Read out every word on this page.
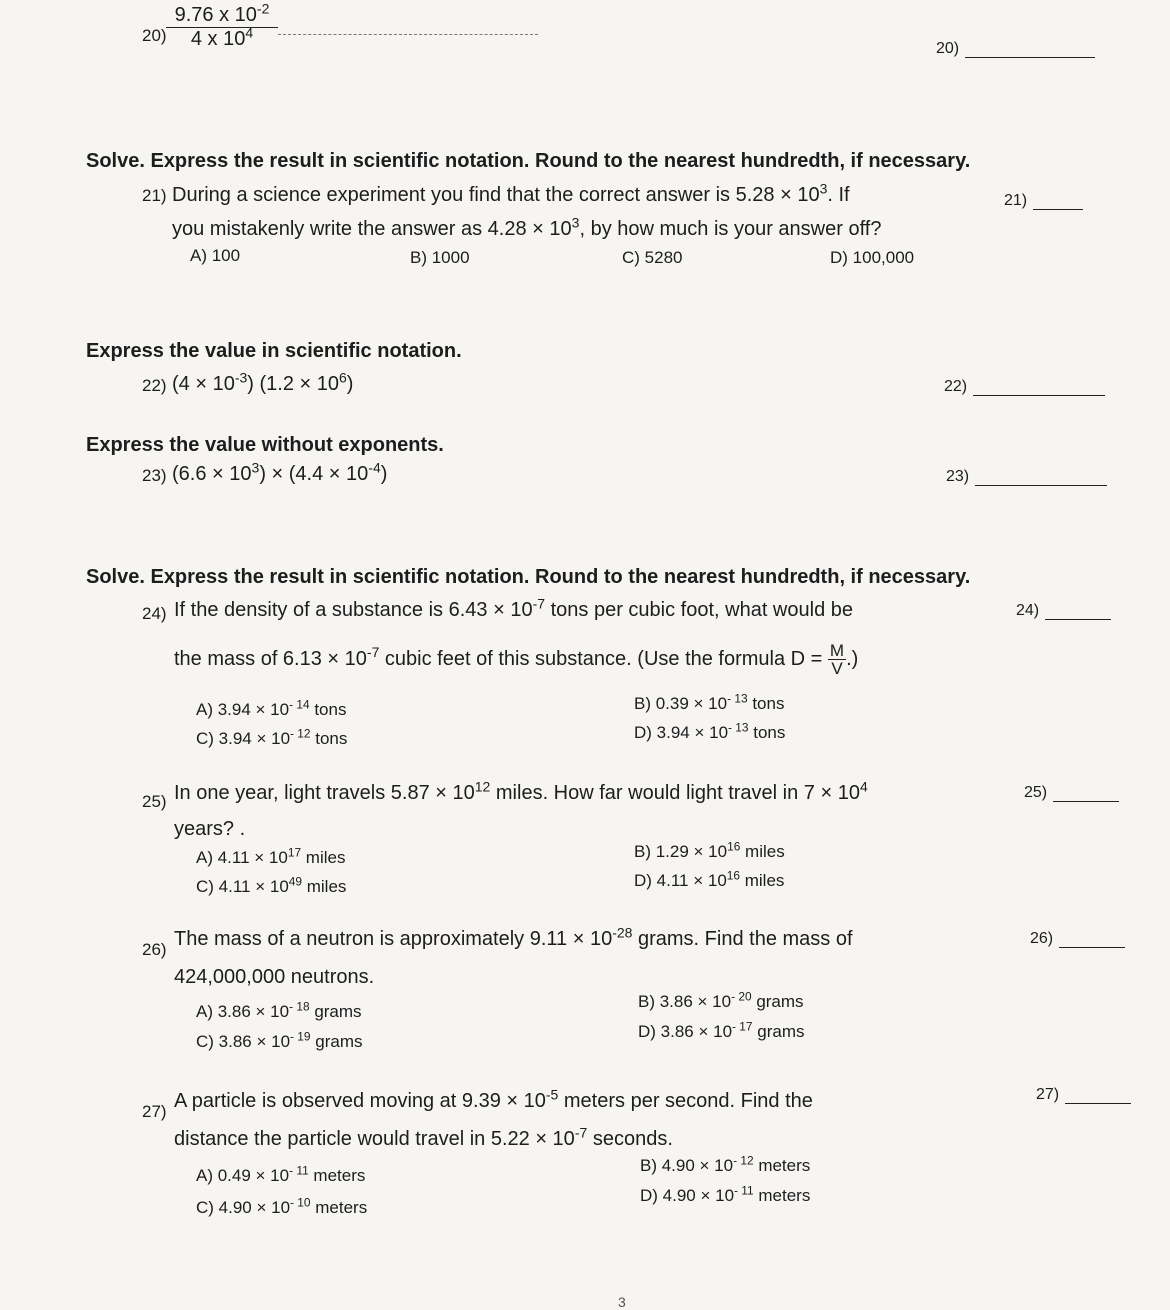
20)
9.76 x $10^{-2}$
4 x $10^4$
20)
Solve. Express the result in scientific notation. Round to the nearest hundredth, if necessary.
21) During a science experiment you find that the correct answer is $5.28 \times 10^3$. If
you mistakenly write the answer as $4.28 \times 10^3$, by how much is your answer off?
21)
A) 100	B) 1000	C) 5280	D) 100,000
Express the value in scientific notation.
22) $(4 \times 10^{-3})$ $(1.2 \times 10^6)$	22)
Express the value without exponents.
23) $(6.6 \times 10^3) \times (4.4 \times 10^{-4})$	23)
Solve. Express the result in scientific notation. Round to the nearest hundredth, if necessary.
24) If the density of a substance is $6.43 \times 10^{-7}$ tons per cubic foot, what would be
the mass of $6.13 \times 10^{-7}$ cubic feet of this substance. (Use the formula $D = \frac{M}{V}$ .)
24)
A) $3.94 \times 10^{- 14}$ tons	B) $0.39 \times 10^{- 13}$ tons
C) $3.94 \times 10^{- 12}$ tons	D) $3.94 \times 10^{- 13}$ tons
25) In one year, light travels $5.87 \times 10^{12}$ miles. How far would light travel in $7 \times 10^4$
years? .
25)
A) $4.11 \times 10^{17}$ miles	B) $1.29 \times 10^{16}$ miles
C) $4.11 \times 10^{49}$ miles	D) $4.11 \times 10^{16}$ miles
26) The mass of a neutron is approximately $9.11 \times 10^{-28}$ grams. Find the mass of
424,000,000 neutrons.
26)
A) $3.86 \times 10^{- 18}$ grams
B) $3.86 \times 10^{- 20}$ grams
C) $3.86 \times 10^{- 19}$ grams
D) $3.86 \times 10^{- 17}$ grams
27) A particle is observed moving at $9.39 \times 10^{-5}$ meters per second. Find the
distance the particle would travel in $5.22 \times 10^{-7}$ seconds.
27)
A) $0.49 \times 10^{- 11}$ meters
B) $4.90 \times 10^{- 12}$ meters
C) $4.90 \times 10^{- 10}$ meters
D) $4.90 \times 10^{- 11}$ meters
3
